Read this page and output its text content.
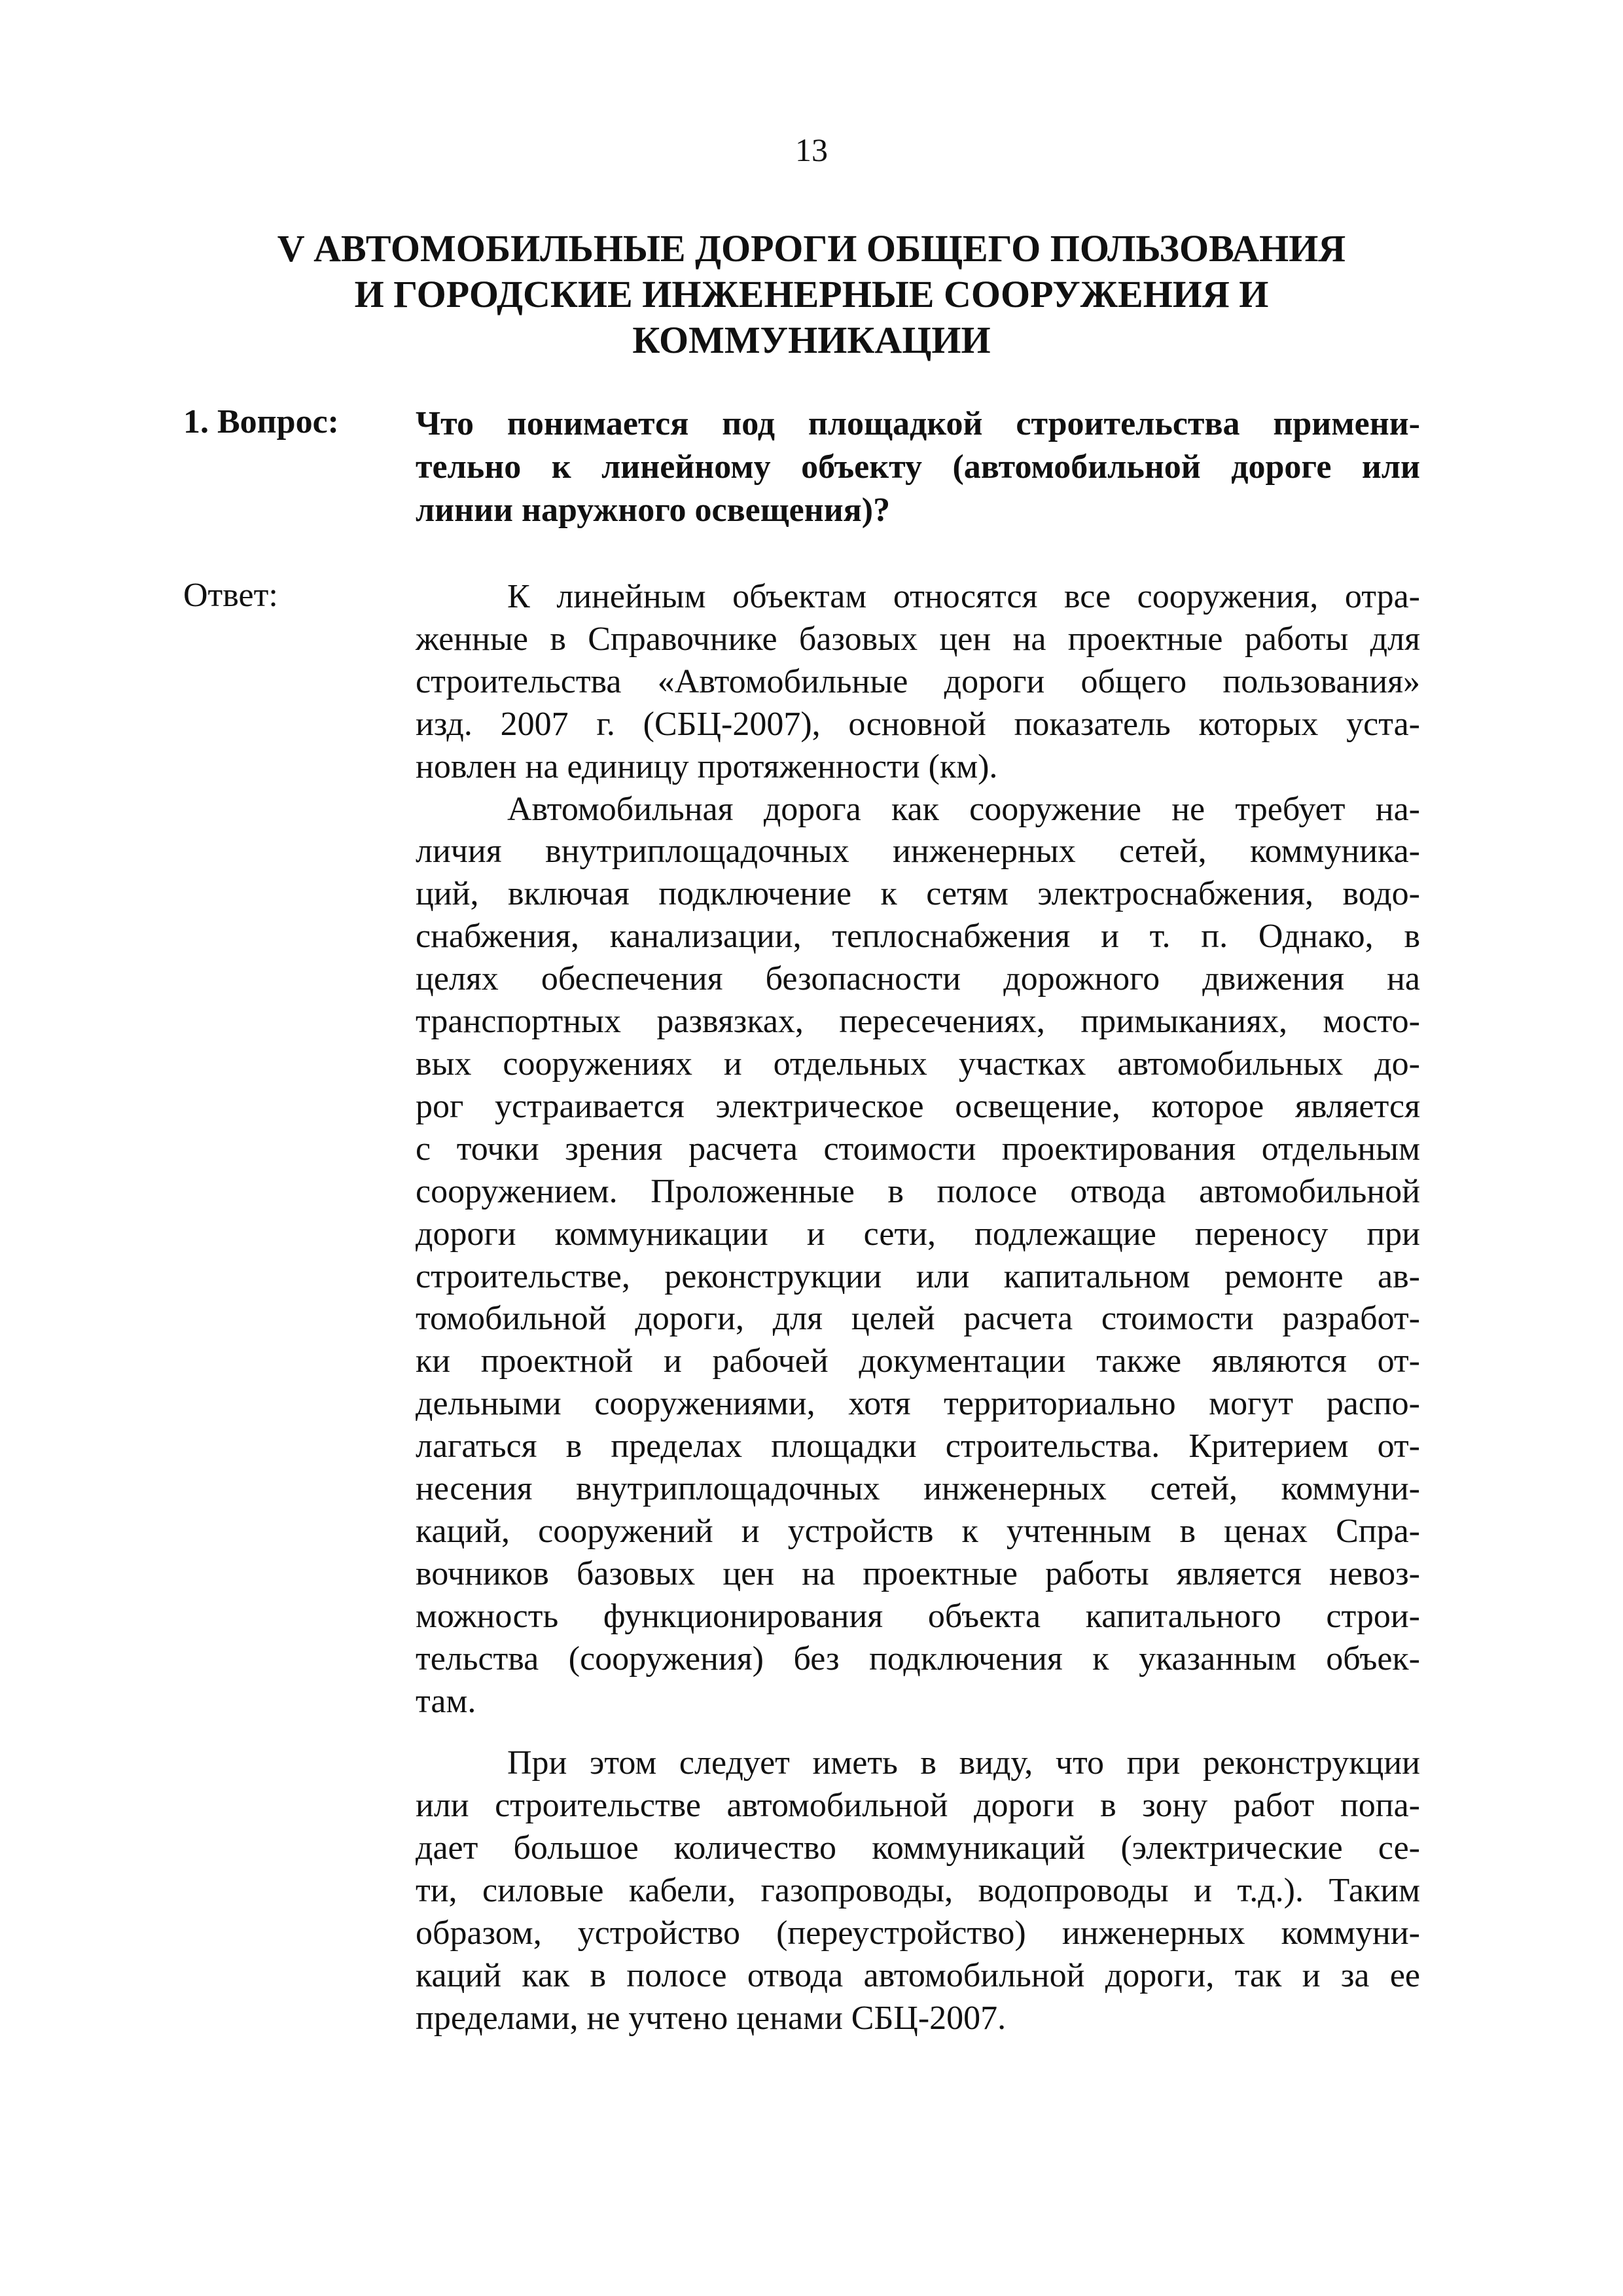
13
V АВТОМОБИЛЬНЫЕ ДОРОГИ ОБЩЕГО ПОЛЬЗОВАНИЯ
И ГОРОДСКИЕ ИНЖЕНЕРНЫЕ СООРУЖЕНИЯ И
КОММУНИКАЦИИ
1. Вопрос: Что понимается под площадкой строительства примени-
тельно к линейному объекту (автомобильной дороге или
линии наружного освещения)?
Ответ:	К линейным объектам относятся все сооружения, отра-
женные в Справочнике базовых цен на проектные работы для
строительства «Автомобильные дороги общего пользования»
изд. 2007 г. (СБЦ-2007), основной показатель которых уста-
новлен на единицу протяженности (км).
Автомобильная дорога как сооружение не требует на-
личия внутриплощадочных инженерных сетей, коммуника-
ций, включая подключение к сетям электроснабжения, водо-
снабжения, канализации, теплоснабжения и т. п. Однако, в
целях обеспечения безопасности дорожного движения на
транспортных развязках, пересечениях, примыканиях, мосто-
вых сооружениях и отдельных участках автомобильных до-
рог устраивается электрическое освещение, которое является
с точки зрения расчета стоимости проектирования отдельным
сооружением. Проложенные в полосе отвода автомобильной
дороги коммуникации и сети, подлежащие переносу при
строительстве, реконструкции или капитальном ремонте ав-
томобильной дороги, для целей расчета стоимости разработ-
ки проектной и рабочей документации также являются от-
дельными сооружениями, хотя территориально могут распо-
лагаться в пределах площадки строительства. Критерием от-
несения внутриплощадочных инженерных сетей, коммуни-
каций, сооружений и устройств к учтенным в ценах Спра-
вочников базовых цен на проектные работы является невоз-
можность функционирования объекта капитального строи-
тельства (сооружения) без подключения к указанным объек-
там.
При этом следует иметь в виду, что при реконструкции
или строительстве автомобильной дороги в зону работ попа-
дает большое количество коммуникаций (электрические се-
ти, силовые кабели, газопроводы, водопроводы и т.д.). Таким
образом, устройство (переустройство) инженерных коммуни-
каций как в полосе отвода автомобильной дороги, так и за ее
пределами, не учтено ценами СБЦ-2007.
